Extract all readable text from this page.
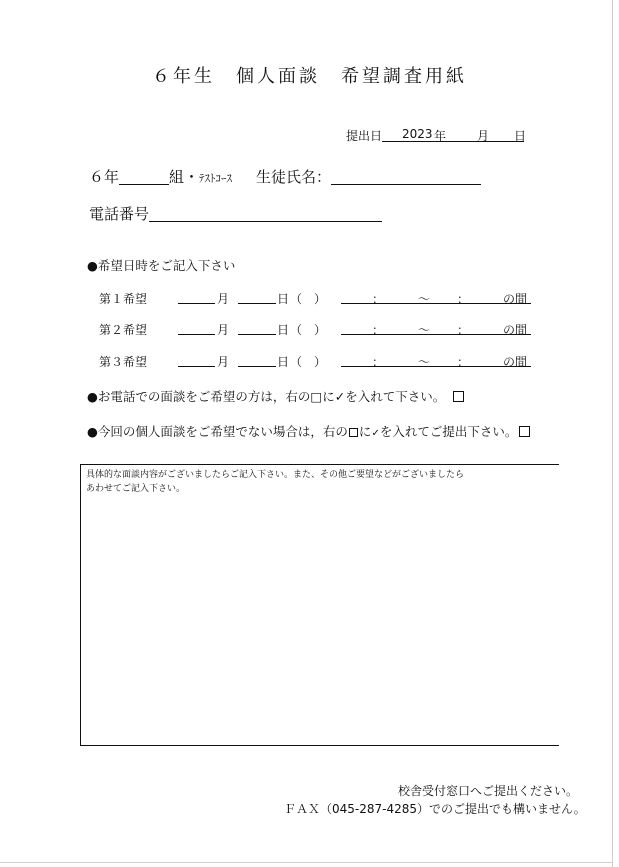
６年生　個人面談　希望調査用紙
提出日 2023 年	月 日
６年	組・ﾃｽﾄｺｰｽ 生徒氏名：
電話番号
●希望日時をご記入下さい
第１希望	月	日 （　）	：	～ ：	の間
第２希望	月	日 （　）	：	～ ：	の間
第３希望	月	日 （　）	：	～ ：	の間
●お電話での面談をご希望の方は，右の□に✓を入れて下さい。
●今回の個人面談をご希望でない場合は，右の に✓を入れてご提出下さい。
具体的な面談内容がございましたらご記入下さい。また、その他ご要望などがございましたら
あわせてご記入下さい。
校舎受付窓口へご提出ください。
ＦＡＸ（045-287-4285）でのご提出でも構いません。
